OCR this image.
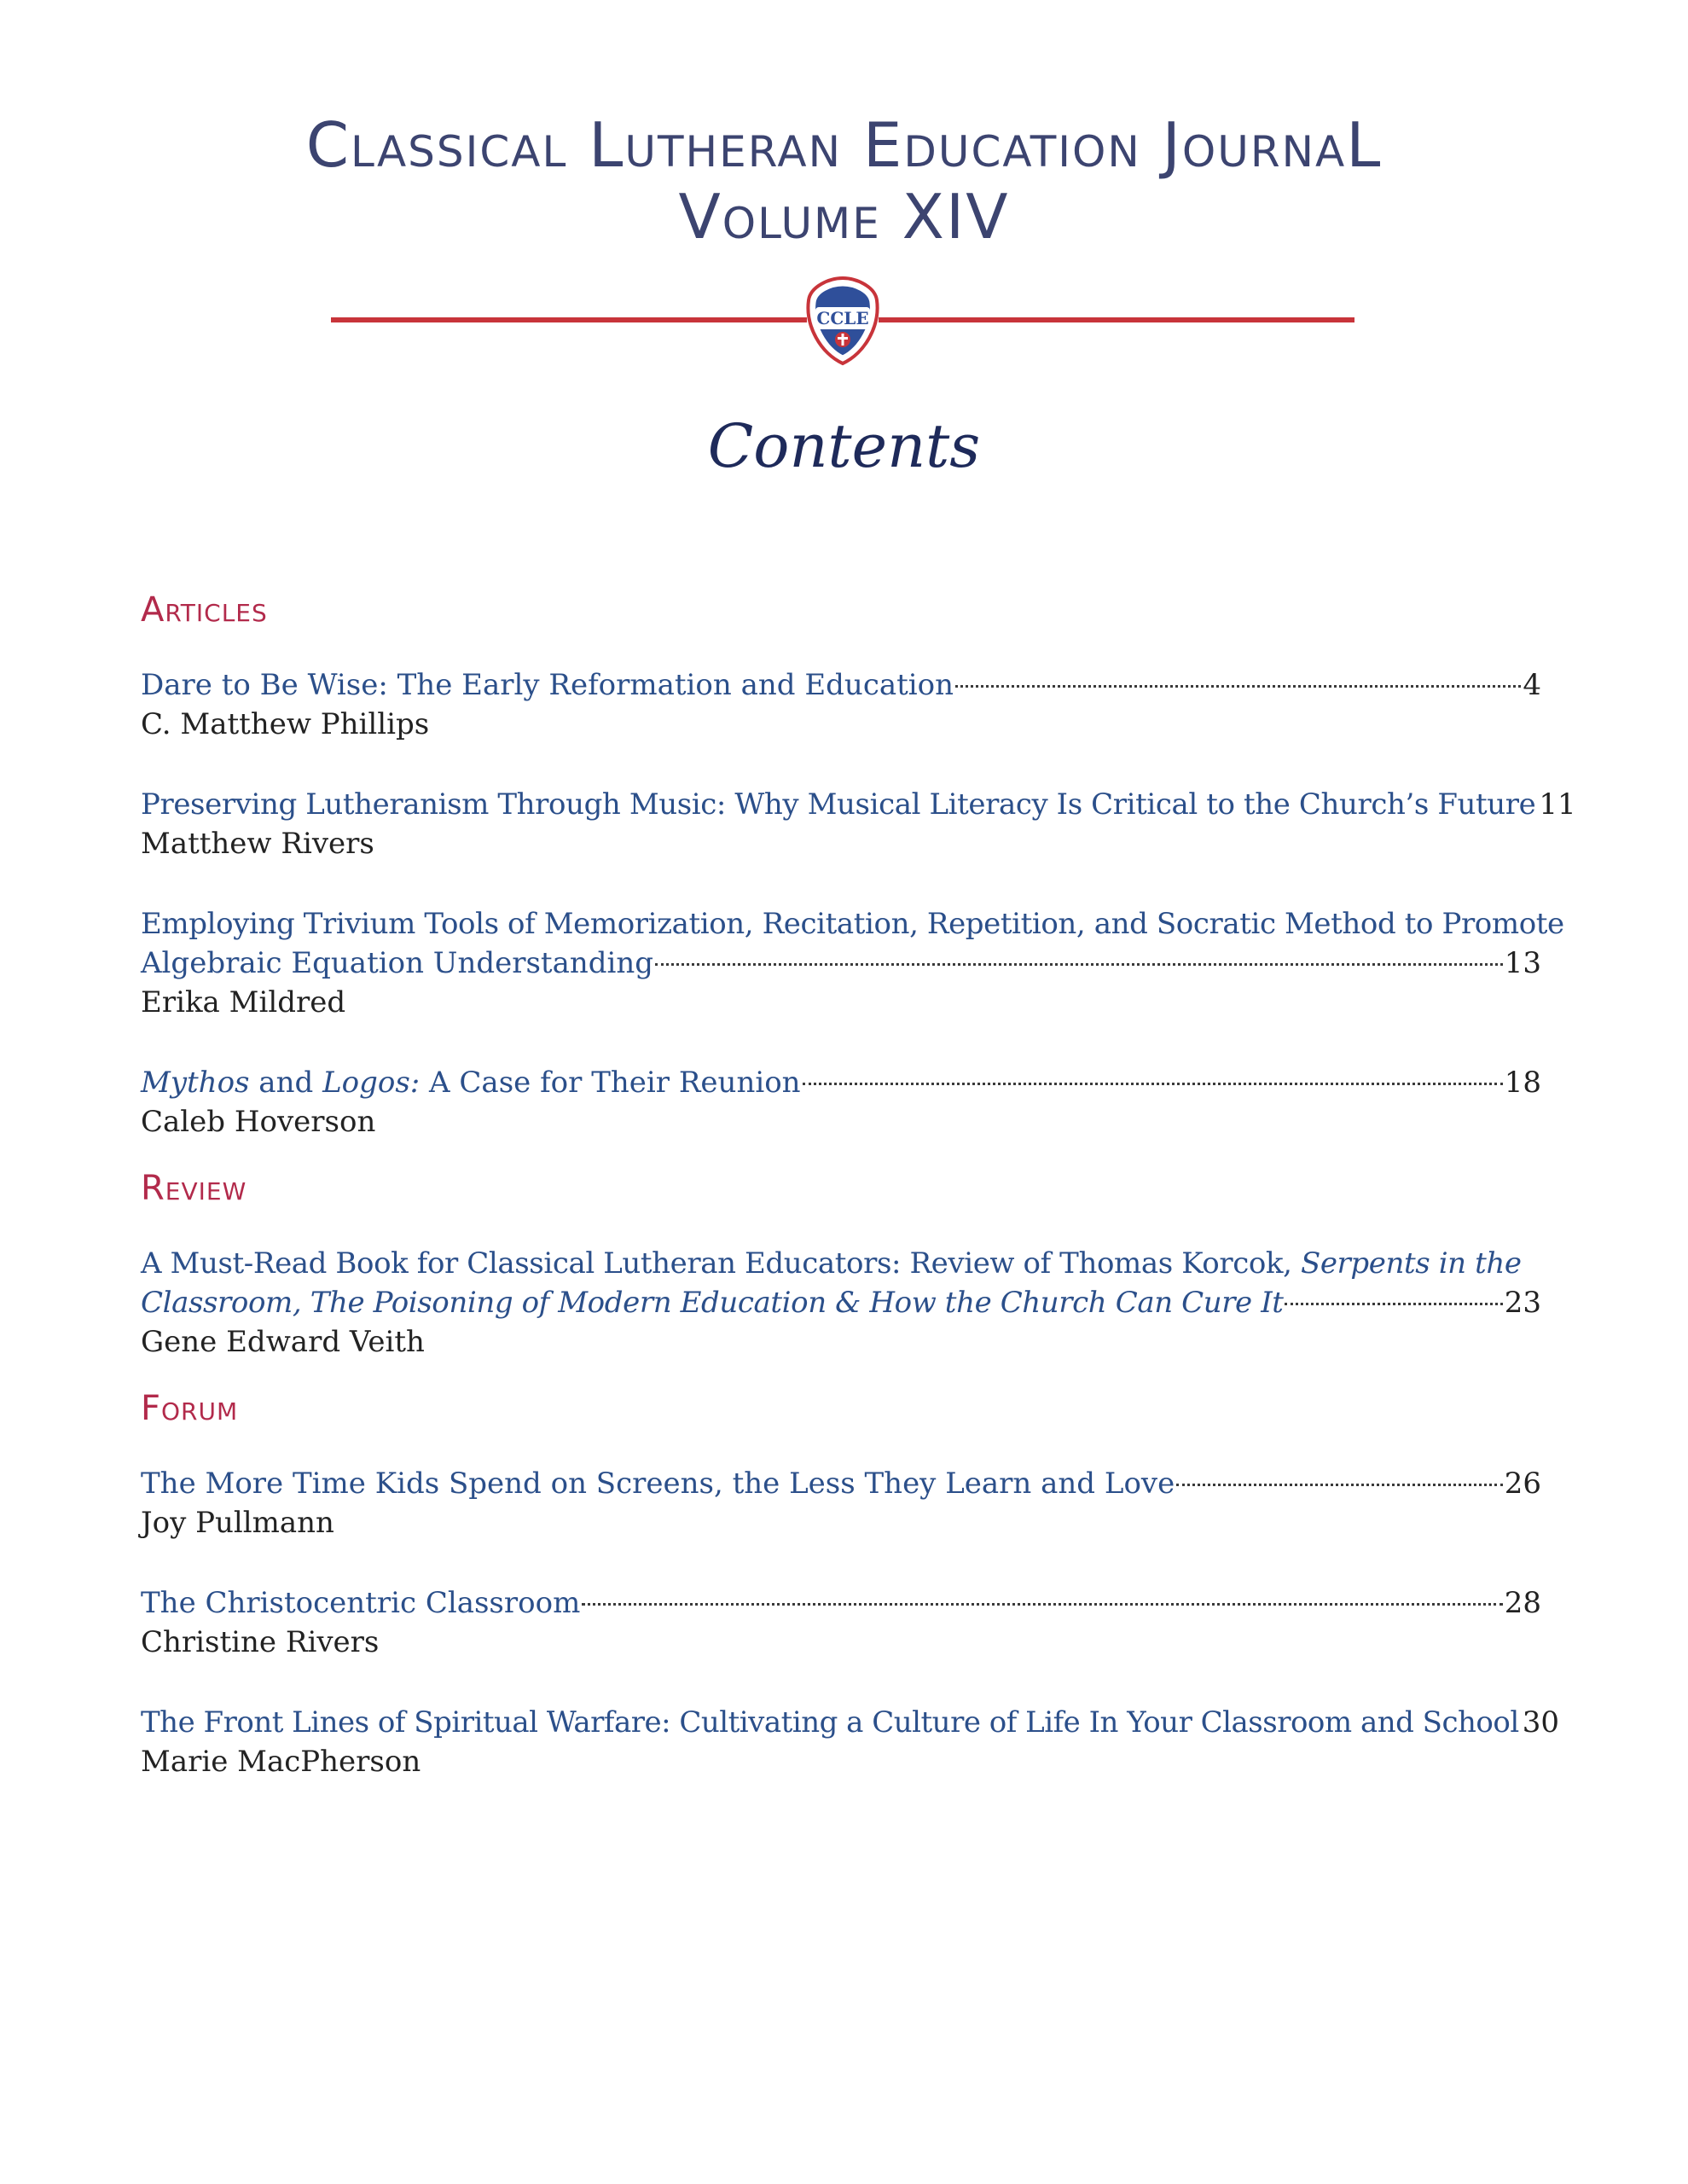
Classical Lutheran Education JournaL
Volume XIV
CCLE
Contents
Articles
Dare to Be Wise: The Early Reformation and Education	4
C. Matthew Phillips
Preserving Lutheranism Through Music: Why Musical Literacy Is Critical to the Church’s Future 11
Matthew Rivers
Employing Trivium Tools of Memorization, Recitation, Repetition, and Socratic Method to Promote
Algebraic Equation Understanding	13
Erika Mildred
Mythos and Logos: A Case for Their Reunion	18
Caleb Hoverson
Review
A Must-Read Book for Classical Lutheran Educators: Review of Thomas Korcok, Serpents in the
Classroom, The Poisoning of Modern Education & How the Church Can Cure It	23
Gene Edward Veith
Forum
The More Time Kids Spend on Screens, the Less They Learn and Love	26
Joy Pullmann
The Christocentric Classroom	28
Christine Rivers
The Front Lines of Spiritual Warfare: Cultivating a Culture of Life In Your Classroom and School 30
Marie MacPherson
